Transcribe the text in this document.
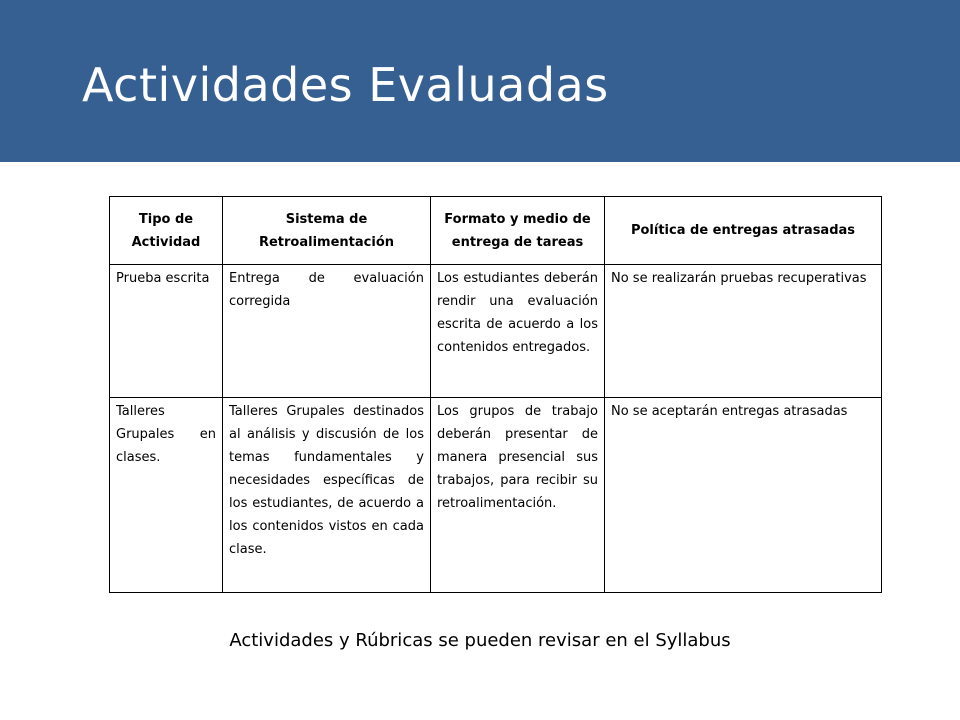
Actividades Evaluadas
Tipo de Actividad	Sistema de Retroalimentación	Formato y medio de entrega de tareas	Política de entregas atrasadas
Prueba escrita	Entrega de evaluación corregida	Los estudiantes deberán rendir una evaluación escrita de acuerdo a los contenidos entregados.	No se realizarán pruebas recuperativas
Talleres Grupales en clases.	Talleres Grupales destinados al análisis y discusión de los temas fundamentales y necesidades específicas de los estudiantes, de acuerdo a los contenidos vistos en cada clase.	Los grupos de trabajo deberán presentar de manera presencial sus trabajos, para recibir su retroalimentación.	No se aceptarán entregas atrasadas

Actividades y Rúbricas se pueden revisar en el Syllabus
